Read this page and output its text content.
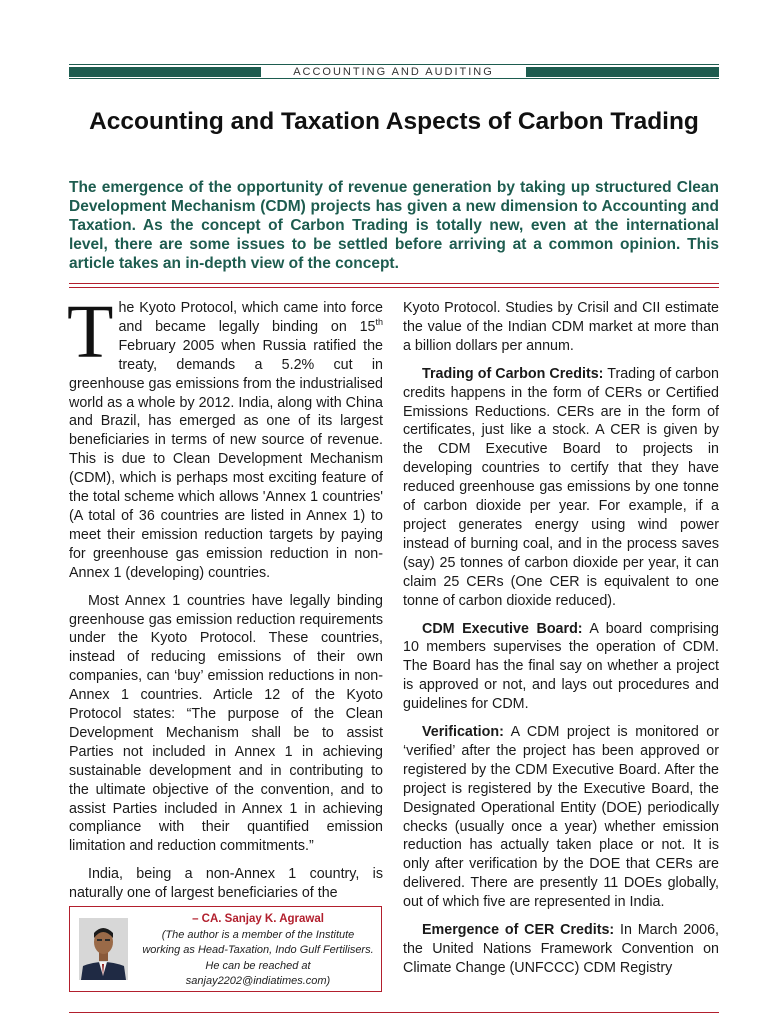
ACCOUNTING AND AUDITING
Accounting and Taxation Aspects of Carbon Trading
The emergence of the opportunity of revenue generation by taking up structured Clean Development Mechanism (CDM) projects has given a new dimension to Accounting and Taxation. As the concept of Carbon Trading is totally new, even at the international level, there are some issues to be settled before arriving at a common opinion. This article takes an in-depth view of the concept.

The Kyoto Protocol, which came into force and became legally binding on 15th February 2005 when Russia ratified the treaty, demands a 5.2% cut in greenhouse gas emissions from the industrialised world as a whole by 2012. India, along with China and Brazil, has emerged as one of its largest beneficiaries in terms of new source of revenue. This is due to Clean Development Mechanism (CDM), which is perhaps most exciting feature of the total scheme which allows 'Annex 1 countries' (A total of 36 countries are listed in Annex 1) to meet their emission reduction targets by paying for greenhouse gas emission reduction in non-Annex 1 (developing) countries.

Most Annex 1 countries have legally binding greenhouse gas emission reduction requirements under the Kyoto Protocol. These countries, instead of reducing emissions of their own companies, can ‘buy’ emission reductions in non-Annex 1 countries. Article 12 of the Kyoto Protocol states: “The purpose of the Clean Development Mechanism shall be to assist Parties not included in Annex 1 in achieving sustainable development and in contributing to the ultimate objective of the convention, and to assist Parties included in Annex 1 in achieving compliance with their quantified emission limitation and reduction commitments.”

India, being a non-Annex 1 country, is naturally one of largest beneficiaries of the

– CA. Sanjay K. Agrawal
(The author is a member of the Institute working as Head-Taxation, Indo Gulf Fertilisers. He can be reached at sanjay2202@indiatimes.com)

Kyoto Protocol. Studies by Crisil and CII estimate the value of the Indian CDM market at more than a billion dollars per annum.

Trading of Carbon Credits: Trading of carbon credits happens in the form of CERs or Certified Emissions Reductions. CERs are in the form of certificates, just like a stock. A CER is given by the CDM Executive Board to projects in developing countries to certify that they have reduced greenhouse gas emissions by one tonne of carbon dioxide per year. For example, if a project generates energy using wind power instead of burning coal, and in the process saves (say) 25 tonnes of carbon dioxide per year, it can claim 25 CERs (One CER is equivalent to one tonne of carbon dioxide reduced).

CDM Executive Board: A board comprising 10 members supervises the operation of CDM. The Board has the final say on whether a project is approved or not, and lays out procedures and guidelines for CDM.

Verification: A CDM project is monitored or ‘verified’ after the project has been approved or registered by the CDM Executive Board. After the project is registered by the Executive Board, the Designated Operational Entity (DOE) periodically checks (usually once a year) whether emission reduction has actually taken place or not. It is only after verification by the DOE that CERs are delivered. There are presently 11 DOEs globally, out of which five are represented in India.

Emergence of CER Credits: In March 2006, the United Nations Framework Convention on Climate Change (UNFCCC) CDM Registry
